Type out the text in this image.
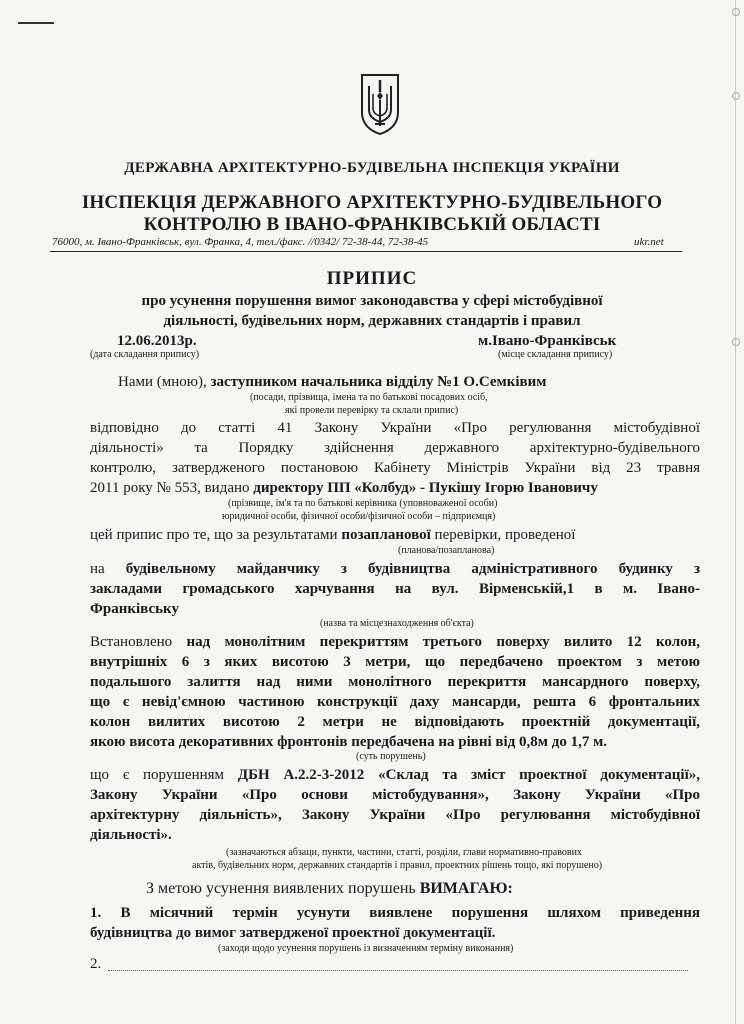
ДЕРЖАВНА АРХІТЕКТУРНО-БУДІВЕЛЬНА ІНСПЕКЦІЯ УКРАЇНИ
ІНСПЕКЦІЯ ДЕРЖАВНОГО АРХІТЕКТУРНО-БУДІВЕЛЬНОГО
КОНТРОЛЮ В ІВАНО-ФРАНКІВСЬКІЙ ОБЛАСТІ
76000, м. Івано-Франківськ, вул. Франка, 4, тел./факс. //0342/ 72-38-44, 72-38-45	ukr.net
ПРИПИС
про усунення порушення вимог законодавства у сфері містобудівної
діяльності, будівельних норм, державних стандартів і правил
12.06.2013р.
(дата складання припису)
м.Івано-Франківськ
(місце складання припису)
Нами (мною), заступником начальника відділу №1 О.Семківим
(посади, прізвища, імена та по батькові посадових осіб,
які провели перевірку та склали припис)
відповідно до статті 41 Закону України «Про регулювання містобудівної
діяльності» та Порядку здійснення державного архітектурно-будівельного
контролю, затвердженого постановою Кабінету Міністрів України від 23 травня
2011 року № 553, видано директору ПП «Колбуд» - Пукішу Ігорю Івановичу
(прізвище, ім'я та по батькові керівника (уповноваженої особи)
юридичної особи, фізичної особи/фізичної особи – підприємця)
цей припис про те, що за результатами позапланової перевірки, проведеної
(планова/позапланова)
на будівельному майданчику з будівництва адміністративного будинку з
закладами громадського харчування на вул. Вірменській,1 в м. Івано-
Франківську
(назва та місцезнаходження об'єкта)
Встановлено над монолітним перекриттям третього поверху вилито 12 колон,
внутрішніх 6 з яких висотою 3 метри, що передбачено проектом з метою
подальшого залиття над ними монолітного перекриття мансардного поверху,
що є невід'ємною частиною конструкції даху мансарди, решта 6 фронтальних
колон вилитих висотою 2 метри не відповідають проектній документації,
якою висота декоративних фронтонів передбачена на рівні від 0,8м до 1,7 м.
(суть порушень)
що є порушенням ДБН А.2.2-3-2012 «Склад та зміст проектної документації»,
Закону України «Про основи містобудування», Закону України «Про
архітектурну діяльність», Закону України «Про регулювання містобудівної
діяльності».
(зазначаються абзаци, пункти, частини, статті, розділи, глави нормативно-правових
актів, будівельних норм, державних стандартів і правил, проектних рішень тощо, які порушено)
З метою усунення виявлених порушень ВИМАГАЮ:
1. В місячний термін усунути виявлене порушення шляхом приведення
будівництва до вимог затвердженої проектної документації.
(заходи щодо усунення порушень із визначенням терміну виконання)
2.
